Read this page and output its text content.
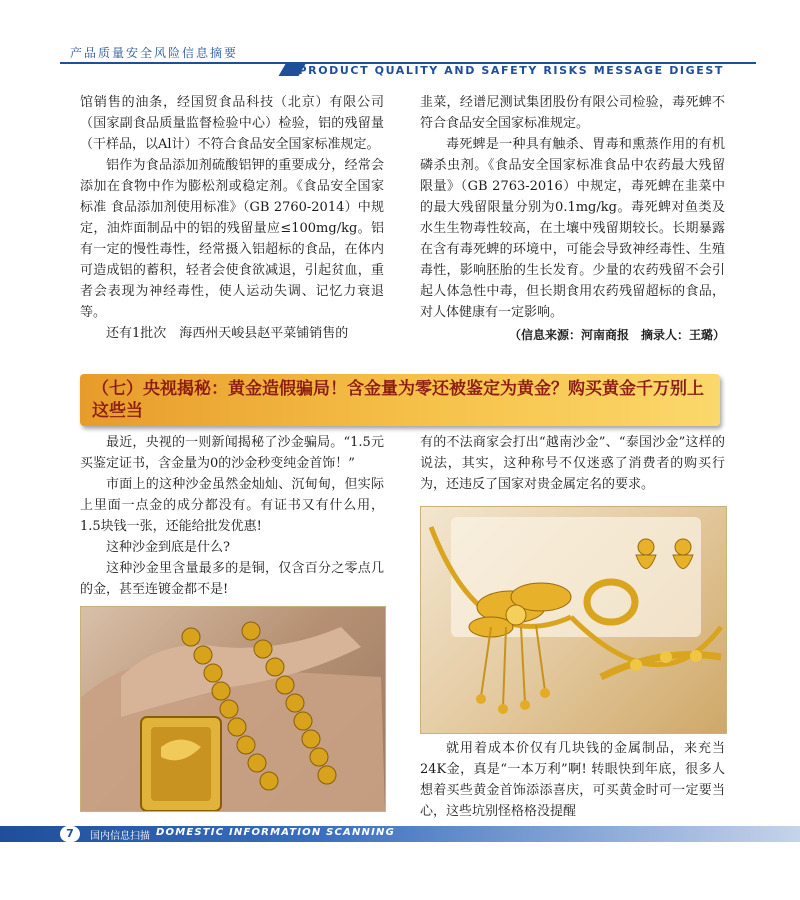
产品质量安全风险信息摘要
PRODUCT QUALITY AND SAFETY RISKS MESSAGE DIGEST

馆销售的油条，经国贸食品科技（北京）有限公司（国家副食品质量监督检验中心）检验，铝的残留量（干样品，以Al计）不符合食品安全国家标准规定。

铝作为食品添加剂硫酸铝钾的重要成分，经常会添加在食物中作为膨松剂或稳定剂。《食品安全国家标准 食品添加剂使用标准》（GB 2760-2014）中规定，油炸面制品中的铝的残留量应≤100mg/kg。铝有一定的慢性毒性，经常摄入铝超标的食品，在体内可造成铝的蓄积，轻者会使食欲减退，引起贫血，重者会表现为神经毒性，使人运动失调、记忆力衰退等。

还有1批次　海西州天峻县赵平菜铺销售的

韭菜，经谱尼测试集团股份有限公司检验，毒死蜱不符合食品安全国家标准规定。

毒死蜱是一种具有触杀、胃毒和熏蒸作用的有机磷杀虫剂。《食品安全国家标准食品中农药最大残留限量》（GB 2763-2016）中规定，毒死蜱在韭菜中的最大残留限量分别为0.1mg/kg。毒死蜱对鱼类及水生生物毒性较高，在土壤中残留期较长。长期暴露在含有毒死蜱的环境中，可能会导致神经毒性、生殖毒性，影响胚胎的生长发育。少量的农药残留不会引起人体急性中毒，但长期食用农药残留超标的食品，对人体健康有一定影响。

（信息来源：河南商报　摘录人：王璐）

（七）央视揭秘：黄金造假骗局！含金量为零还被鉴定为黄金？购买黄金千万别上这些当

最近，央视的一则新闻揭秘了沙金骗局。“1.5元买鉴定证书，含金量为0的沙金秒变纯金首饰！”

市面上的这种沙金虽然金灿灿、沉甸甸，但实际上里面一点金的成分都没有。有证书又有什么用，1.5块钱一张，还能给批发优惠!

这种沙金到底是什么?

这种沙金里含量最多的是铜，仅含百分之零点几的金，甚至连镀金都不是!

有的不法商家会打出“越南沙金”、“泰国沙金”这样的说法，其实，这种称号不仅迷惑了消费者的购买行为，还违反了国家对贵金属定名的要求。

就用着成本价仅有几块钱的金属制品，来充当24K金，真是“一本万利”啊! 转眼快到年底，很多人想着买些黄金首饰添添喜庆，可买黄金时可一定要当心，这些坑别怪格格没提醒

7	国内信息扫描 DOMESTIC INFORMATION SCANNING
